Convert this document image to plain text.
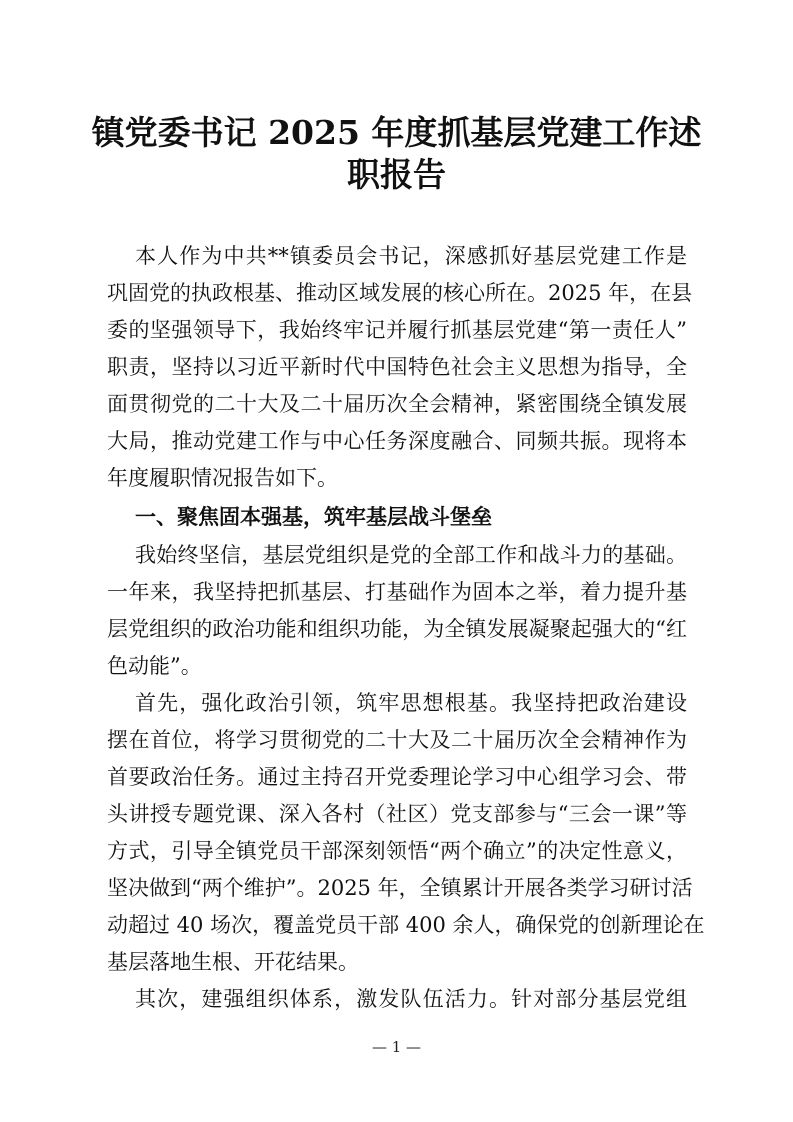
镇党委书记 2025 年度抓基层党建工作述
职报告
本人作为中共**镇委员会书记，深感抓好基层党建工作是
巩固党的执政根基、推动区域发展的核心所在。2025 年，在县
委的坚强领导下，我始终牢记并履行抓基层党建“第一责任人”
职责，坚持以习近平新时代中国特色社会主义思想为指导，全
面贯彻党的二十大及二十届历次全会精神，紧密围绕全镇发展
大局，推动党建工作与中心任务深度融合、同频共振。现将本
年度履职情况报告如下。
一、聚焦固本强基，筑牢基层战斗堡垒
我始终坚信，基层党组织是党的全部工作和战斗力的基础。
一年来，我坚持把抓基层、打基础作为固本之举，着力提升基
层党组织的政治功能和组织功能，为全镇发展凝聚起强大的“红
色动能”。
首先，强化政治引领，筑牢思想根基。我坚持把政治建设
摆在首位，将学习贯彻党的二十大及二十届历次全会精神作为
首要政治任务。通过主持召开党委理论学习中心组学习会、带
头讲授专题党课、深入各村（社区）党支部参与“三会一课”等
方式，引导全镇党员干部深刻领悟“两个确立”的决定性意义，
坚决做到“两个维护”。2025 年，全镇累计开展各类学习研讨活
动超过 40 场次，覆盖党员干部 400 余人，确保党的创新理论在
基层落地生根、开花结果。
其次，建强组织体系，激发队伍活力。针对部分基层党组
— 1 —
